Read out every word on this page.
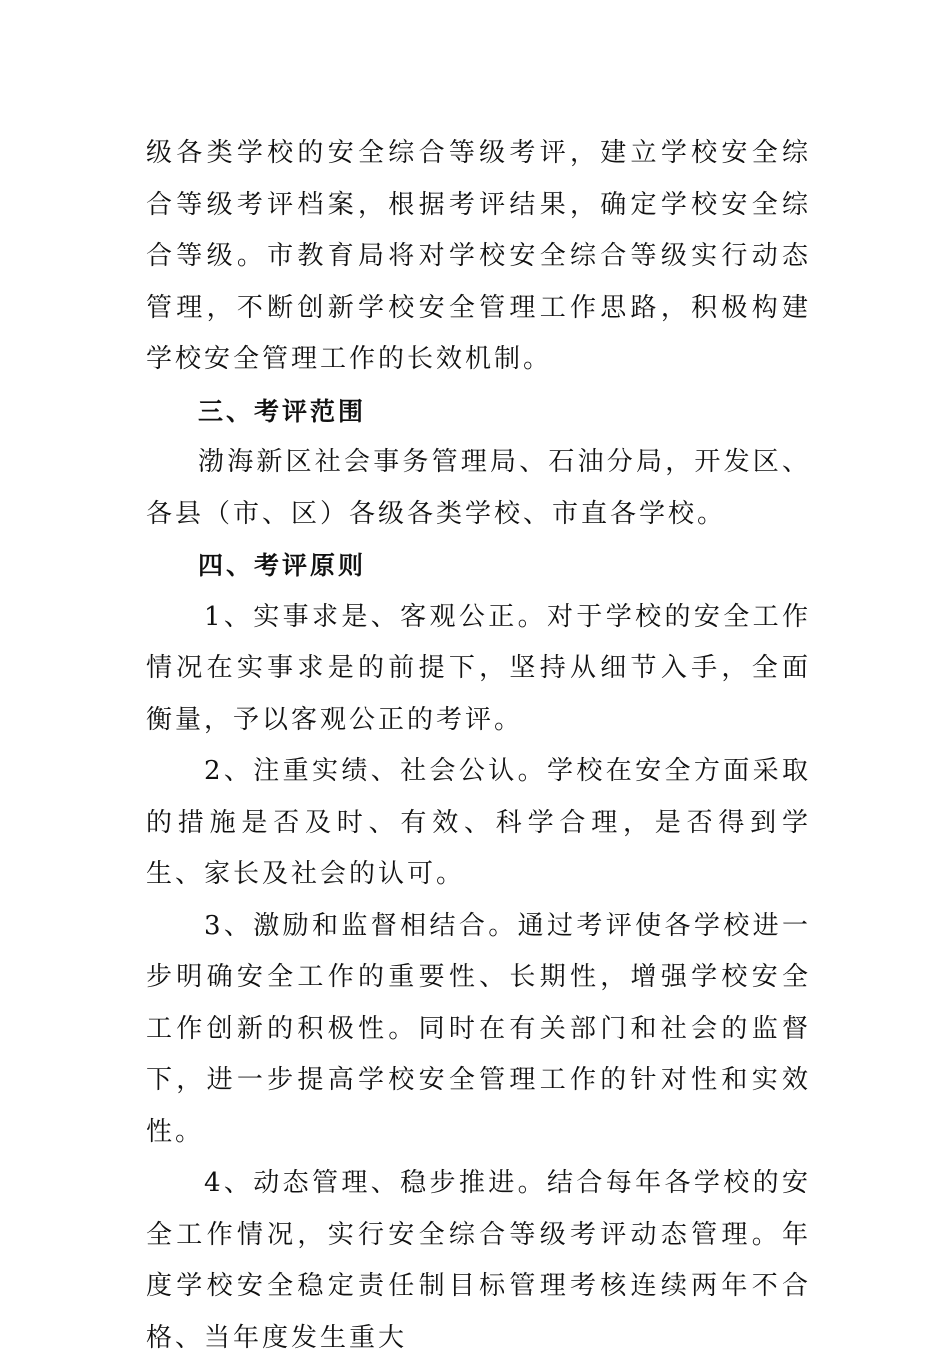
级各类学校的安全综合等级考评，建立学校安全综合等级考评档案，根据考评结果，确定学校安全综合等级。市教育局将对学校安全综合等级实行动态管理，不断创新学校安全管理工作思路，积极构建学校安全管理工作的长效机制。

三、考评范围

渤海新区社会事务管理局、石油分局，开发区、各县（市、区）各级各类学校、市直各学校。

四、考评原则

1、实事求是、客观公正。对于学校的安全工作情况在实事求是的前提下，坚持从细节入手，全面衡量，予以客观公正的考评。

2、注重实绩、社会公认。学校在安全方面采取的措施是否及时、有效、科学合理，是否得到学生、家长及社会的认可。

3、激励和监督相结合。通过考评使各学校进一步明确安全工作的重要性、长期性，增强学校安全工作创新的积极性。同时在有关部门和社会的监督下，进一步提高学校安全管理工作的针对性和实效性。

4、动态管理、稳步推进。结合每年各学校的安全工作情况，实行安全综合等级考评动态管理。年度学校安全稳定责任制目标管理考核连续两年不合格、当年度发生重大
